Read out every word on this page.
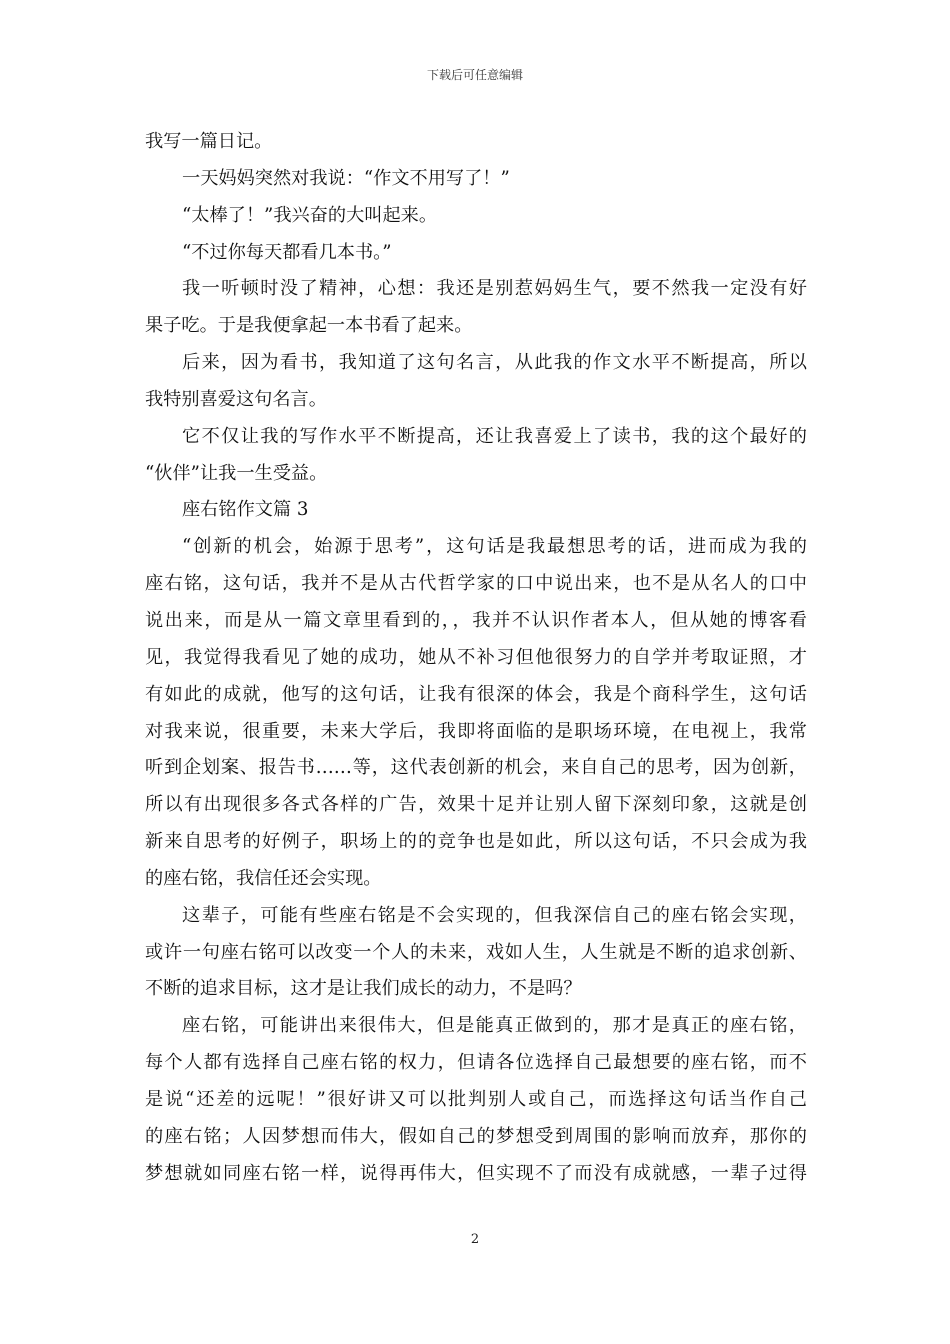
下载后可任意编辑
我写一篇日记。
一天妈妈突然对我说：“作文不用写了！”
“太棒了！”我兴奋的大叫起来。
“不过你每天都看几本书。”
我一听顿时没了精神，心想：我还是别惹妈妈生气，要不然我一定没有好
果子吃。于是我便拿起一本书看了起来。
后来，因为看书，我知道了这句名言，从此我的作文水平不断提高，所以
我特别喜爱这句名言。
它不仅让我的写作水平不断提高，还让我喜爱上了读书，我的这个最好的
“伙伴”让我一生受益。
座右铭作文篇 3
“创新的机会，始源于思考”，这句话是我最想思考的话，进而成为我的
座右铭，这句话，我并不是从古代哲学家的口中说出来，也不是从名人的口中
说出来，而是从一篇文章里看到的，，我并不认识作者本人，但从她的博客看
见，我觉得我看见了她的成功，她从不补习但他很努力的自学并考取证照，才
有如此的成就，他写的这句话，让我有很深的体会，我是个商科学生，这句话
对我来说，很重要，未来大学后，我即将面临的是职场环境，在电视上，我常
听到企划案、报告书……等，这代表创新的机会，来自自己的思考，因为创新，
所以有出现很多各式各样的广告，效果十足并让别人留下深刻印象，这就是创
新来自思考的好例子，职场上的的竞争也是如此，所以这句话，不只会成为我
的座右铭，我信任还会实现。
这辈子，可能有些座右铭是不会实现的，但我深信自己的座右铭会实现，
或许一句座右铭可以改变一个人的未来，戏如人生，人生就是不断的追求创新、
不断的追求目标，这才是让我们成长的动力，不是吗？
座右铭，可能讲出来很伟大，但是能真正做到的，那才是真正的座右铭，
每个人都有选择自己座右铭的权力，但请各位选择自己最想要的座右铭，而不
是说“还差的远呢！”很好讲又可以批判别人或自己，而选择这句话当作自己
的座右铭；人因梦想而伟大，假如自己的梦想受到周围的影响而放弃，那你的
梦想就如同座右铭一样，说得再伟大，但实现不了而没有成就感，一辈子过得
2
